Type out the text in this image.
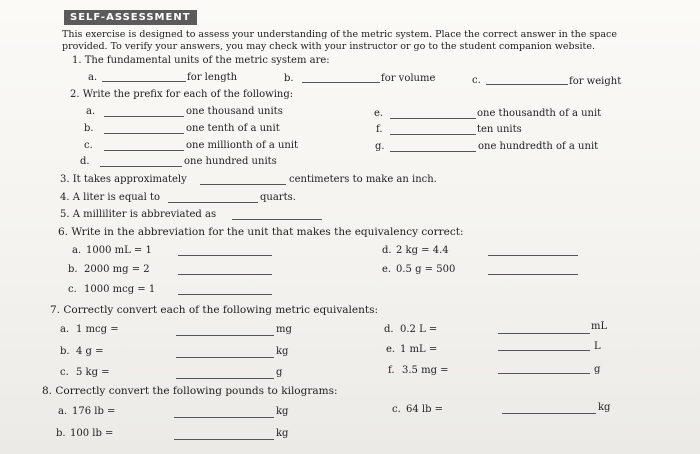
SELF-ASSESSMENT
This exercise is designed to assess your understanding of the metric system. Place the correct answer in the space
provided. To verify your answers, you may check with your instructor or go to the student companion website.
1. The fundamental units of the metric system are:
a.	for length	b.	for volume	c.	for weight
2. Write the prefix for each of the following:
a.	one thousand units
b.	one tenth of a unit
c.	one millionth of a unit
d.	one hundred units
e.	one thousandth of a unit
f.	ten units
g.	one hundredth of a unit
3. It takes approximately	centimeters to make an inch.
4. A liter is equal to	quarts.
5. A milliliter is abbreviated as
6. Write in the abbreviation for the unit that makes the equivalency correct:
a. 1000 mL = 1
b. 2000 mg = 2
c. 1000 mcg = 1
d. 2 kg = 4.4
e. 0.5 g = 500
7. Correctly convert each of the following metric equivalents:
a. 1 mcg =	mg
b. 4 g =	kg
c. 5 kg =	g
d. 0.2 L =	mL
e. 1 mL =	L
f. 3.5 mg =	g
8. Correctly convert the following pounds to kilograms:
a. 176 lb =	kg
b. 100 lb =	kg
c. 64 lb =	kg
